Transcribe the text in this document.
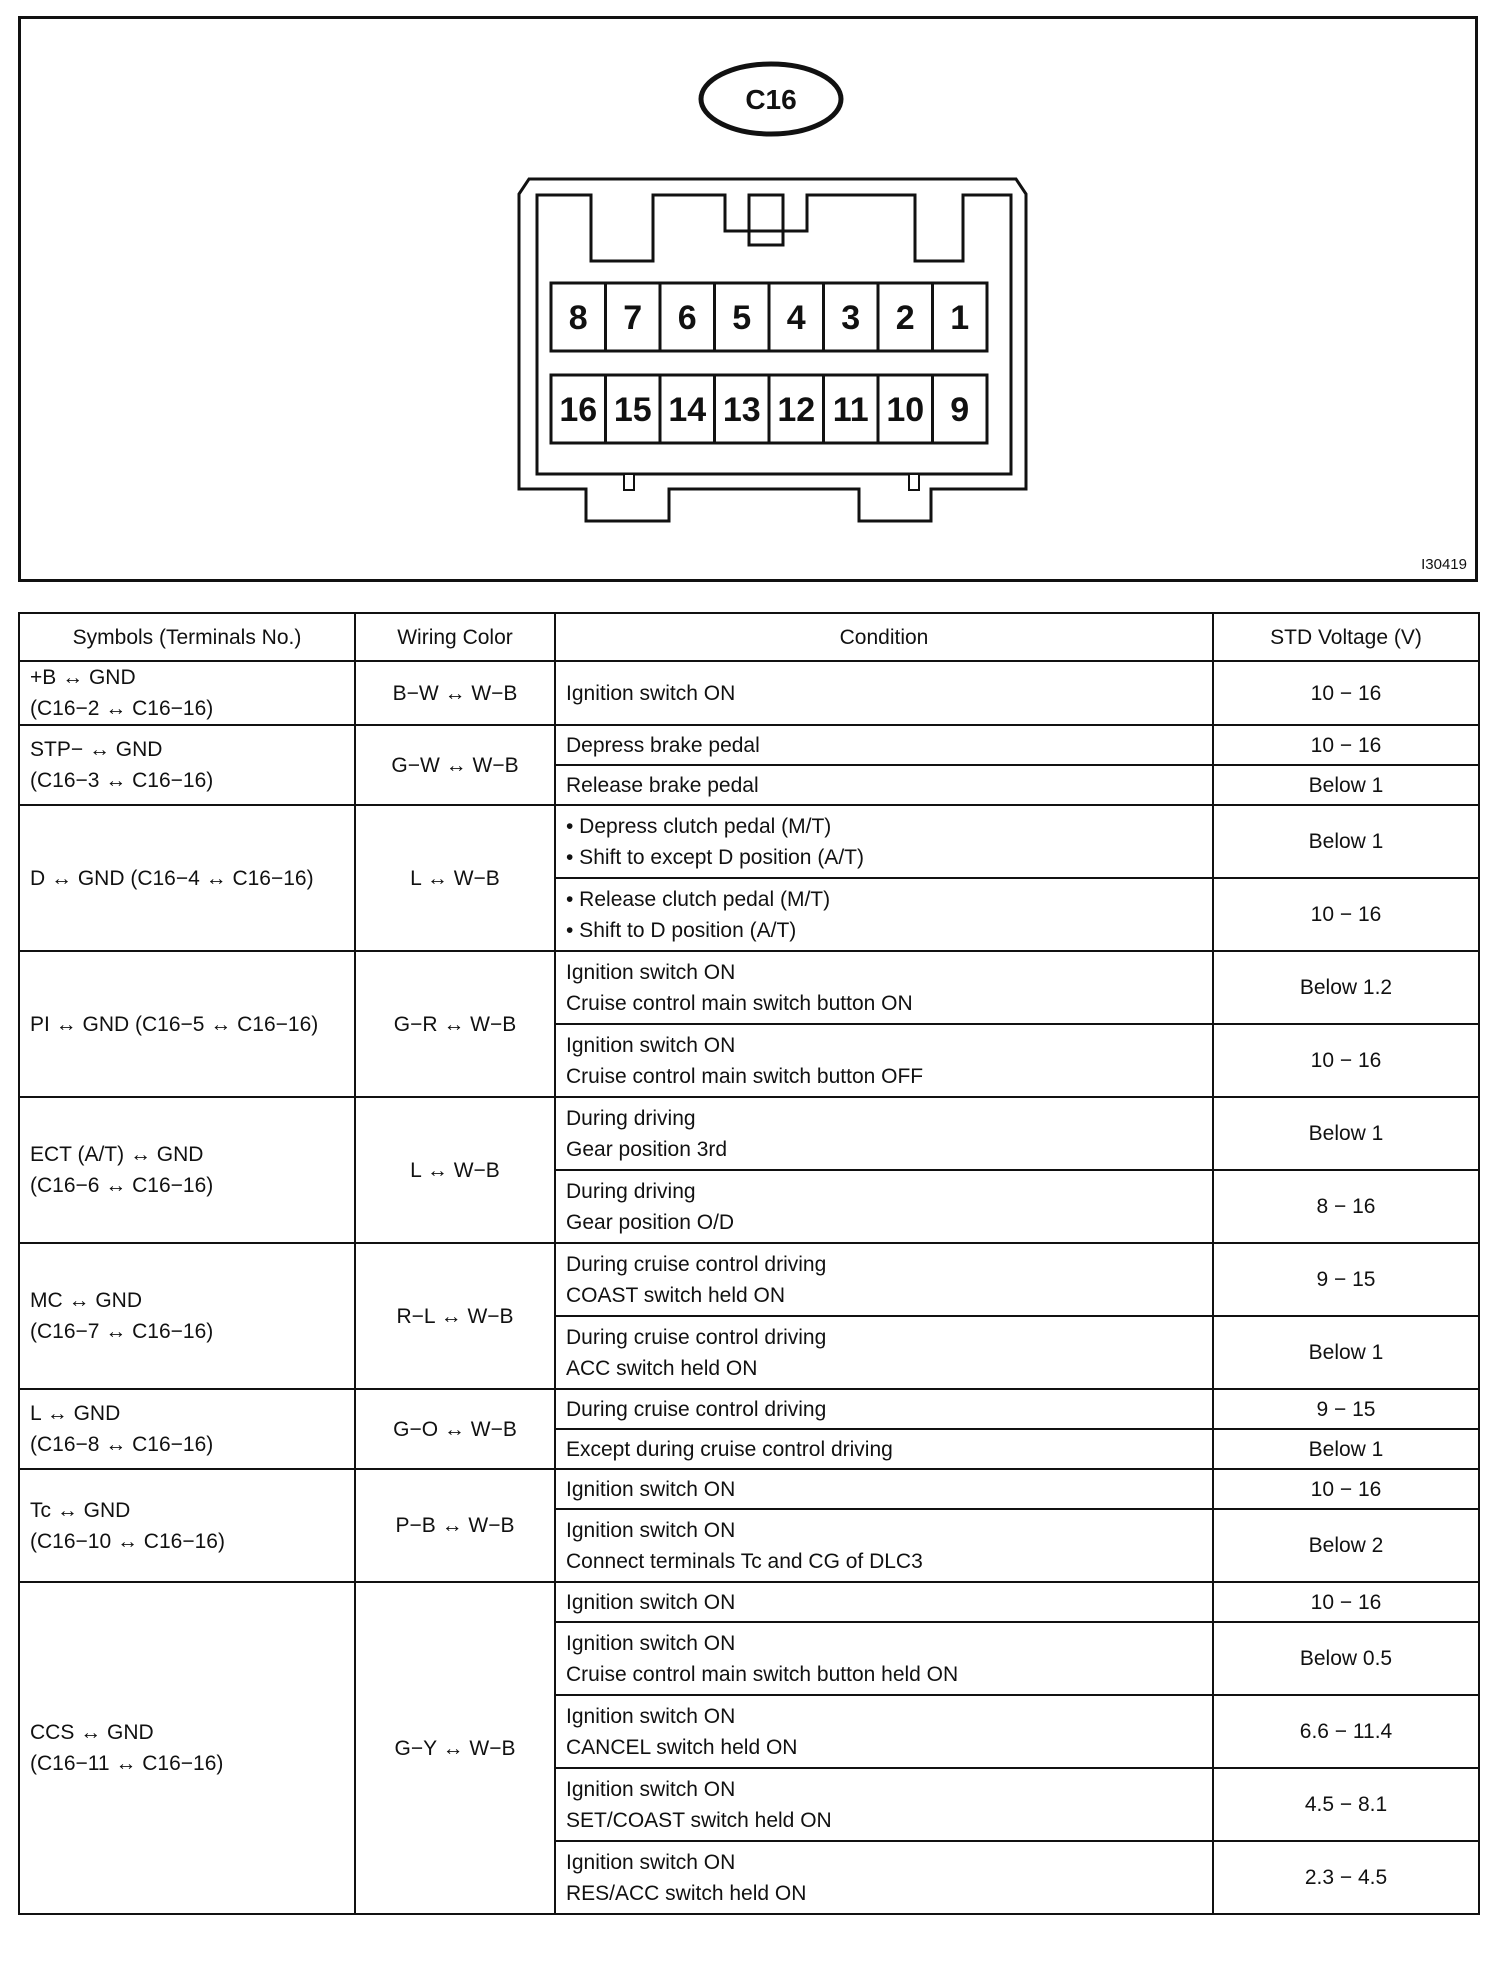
C16
8 7 6 5 4 3 2 1
16 15 14 13 12 11 10 9
I30419
Symbols (Terminals No.)	Wiring Color	Condition	STD Voltage (V)

+B ↔ GND
(C16−2 ↔ C16−16)	B−W ↔ W−B	Ignition switch ON	10 − 16

STP− ↔ GND
(C16−3 ↔ C16−16)	G−W ↔ W−B	Depress brake pedal	10 − 16

		Release brake pedal	Below 1

D ↔ GND (C16−4 ↔ C16−16)	L ↔ W−B	• Depress clutch pedal (M/T)
• Shift to except D position (A/T)	Below 1

		• Release clutch pedal (M/T)
• Shift to D position (A/T)	10 − 16

PI ↔ GND (C16−5 ↔ C16−16)	G−R ↔ W−B	Ignition switch ON
Cruise control main switch button ON	Below 1.2

		Ignition switch ON
Cruise control main switch button OFF	10 − 16

ECT (A/T) ↔ GND
(C16−6 ↔ C16−16)	L ↔ W−B	During driving
Gear position 3rd	Below 1

		During driving
Gear position O/D	8 − 16

MC ↔ GND
(C16−7 ↔ C16−16)	R−L ↔ W−B	During cruise control driving
COAST switch held ON	9 − 15

		During cruise control driving
ACC switch held ON	Below 1

L ↔ GND
(C16−8 ↔ C16−16)	G−O ↔ W−B	During cruise control driving	9 − 15

		Except during cruise control driving	Below 1

Tc ↔ GND
(C16−10 ↔ C16−16)	P−B ↔ W−B	Ignition switch ON	10 − 16

		Ignition switch ON
Connect terminals Tc and CG of DLC3	Below 2

CCS ↔ GND
(C16−11 ↔ C16−16)	G−Y ↔ W−B	Ignition switch ON	10 − 16

		Ignition switch ON
Cruise control main switch button held ON	Below 0.5

		Ignition switch ON
CANCEL switch held ON	6.6 − 11.4

		Ignition switch ON
SET/COAST switch held ON	4.5 − 8.1

		Ignition switch ON
RES/ACC switch held ON	2.3 − 4.5
